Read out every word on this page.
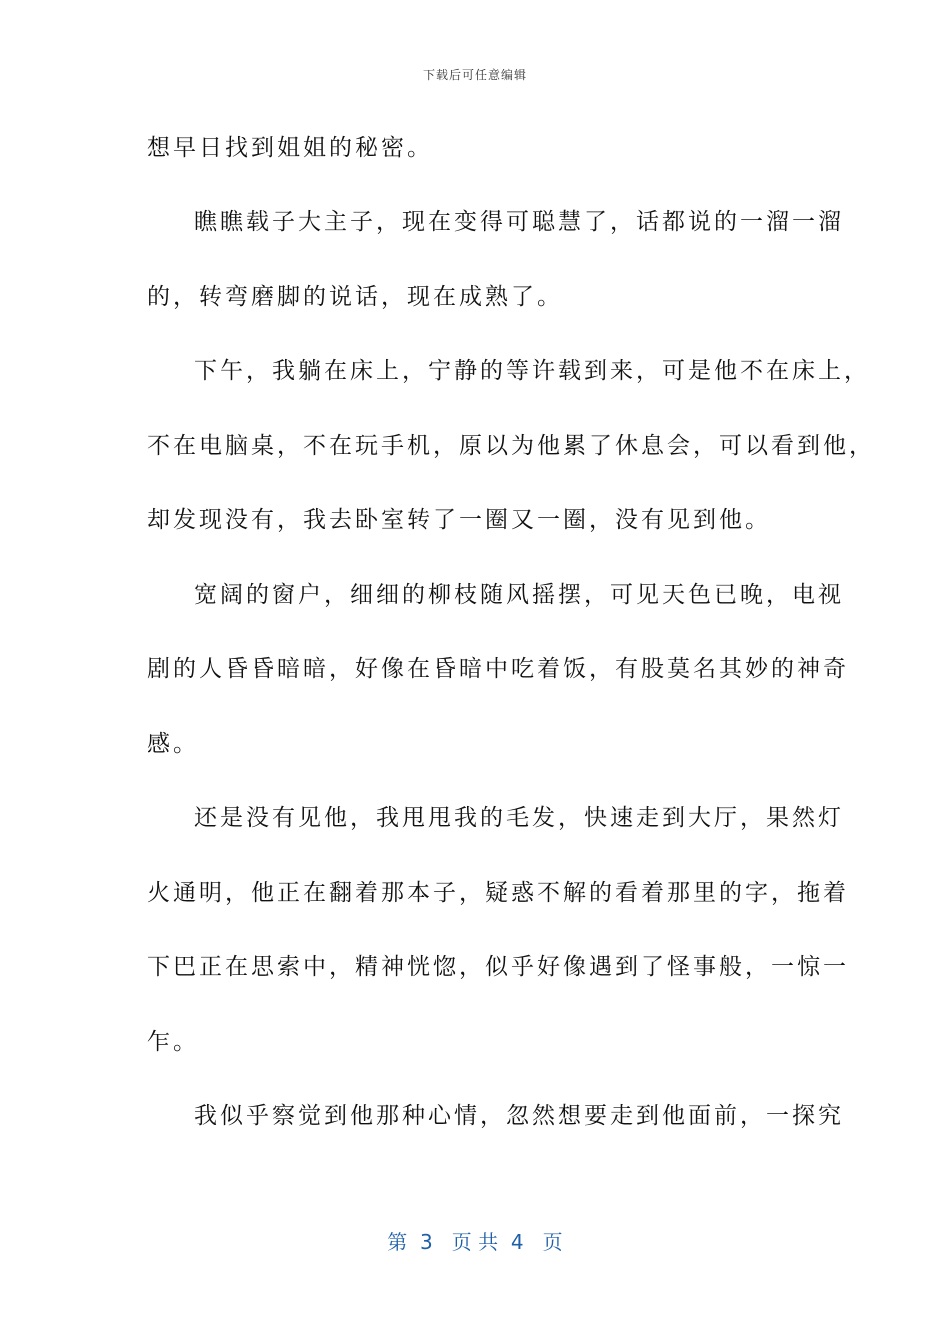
下载后可任意编辑
想早日找到姐姐的秘密。
瞧瞧载子大主子，现在变得可聪慧了，话都说的一溜一溜
的，转弯磨脚的说话，现在成熟了。
下午，我躺在床上，宁静的等许载到来，可是他不在床上，
不在电脑桌，不在玩手机，原以为他累了休息会，可以看到他，
却发现没有，我去卧室转了一圈又一圈，没有见到他。
宽阔的窗户，细细的柳枝随风摇摆，可见天色已晚，电视
剧的人昏昏暗暗，好像在昏暗中吃着饭，有股莫名其妙的神奇
感。
还是没有见他，我甩甩我的毛发，快速走到大厅，果然灯
火通明，他正在翻着那本子，疑惑不解的看着那里的字，拖着
下巴正在思索中，精神恍惚，似乎好像遇到了怪事般，一惊一
乍。
我似乎察觉到他那种心情，忽然想要走到他面前，一探究
第  3   页 共  4   页
